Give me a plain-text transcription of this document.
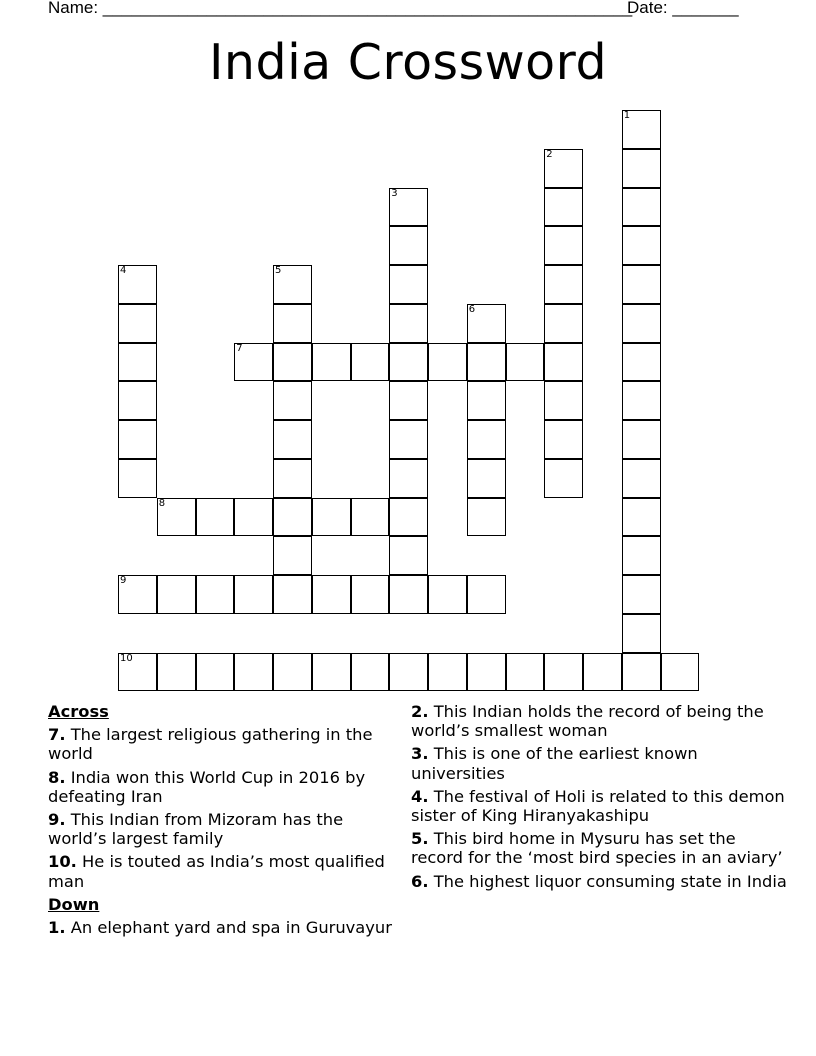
Name: ________________________________________________________
Date: _______
India Crossword
1
2
3
4	5
6
7
8
9
10
Across
7. The largest religious gathering in the world
8. India won this World Cup in 2016 by defeating Iran
9. This Indian from Mizoram has the world’s largest family
10. He is touted as India’s most qualified man
Down
1. An elephant yard and spa in Guruvayur
2. This Indian holds the record of being the world’s smallest woman
3. This is one of the earliest known universities
4. The festival of Holi is related to this demon sister of King Hiranyakashipu
5. This bird home in Mysuru has set the record for the ‘most bird species in an aviary’
6. The highest liquor consuming state in India
